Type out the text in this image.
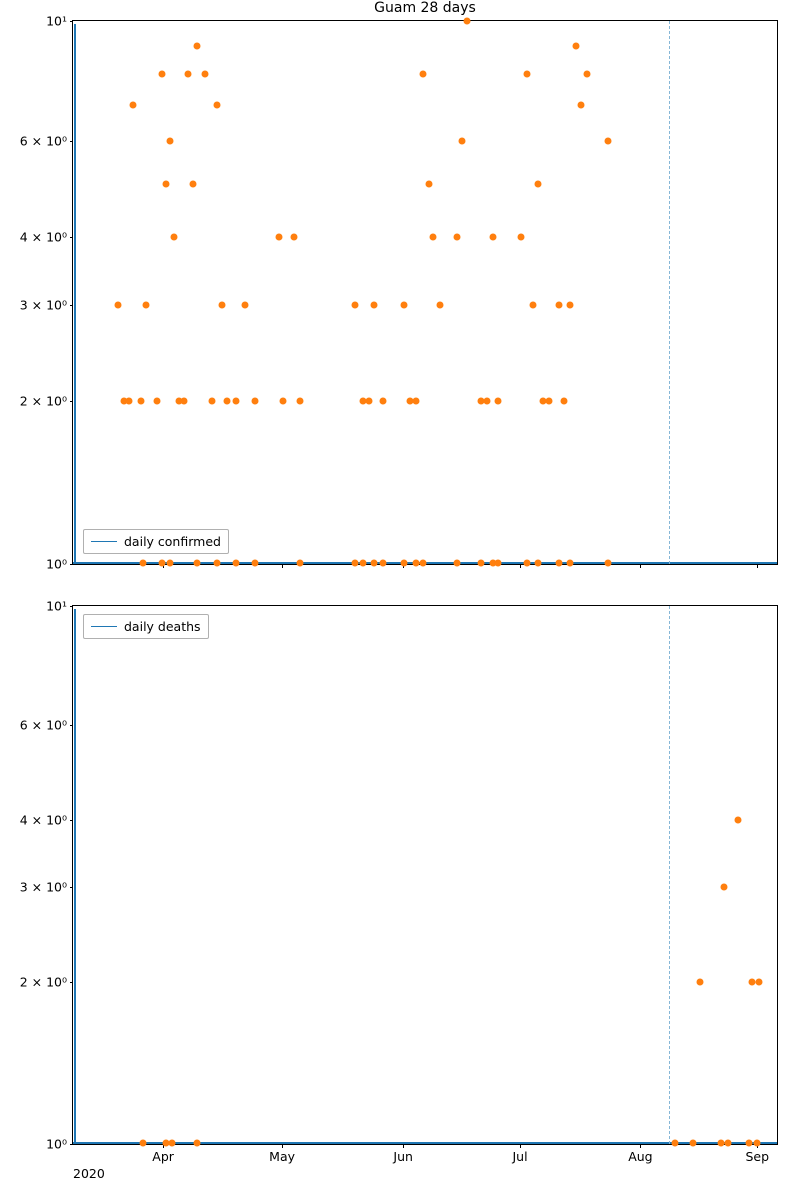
Guam 28 days
10¹
6 × 10⁰
4 × 10⁰
3 × 10⁰
2 × 10⁰
10⁰
daily confirmed
10¹
6 × 10⁰
4 × 10⁰
3 × 10⁰
2 × 10⁰
10⁰
Apr	May	Jun	Jul	Aug	Sep
2020
daily deaths
